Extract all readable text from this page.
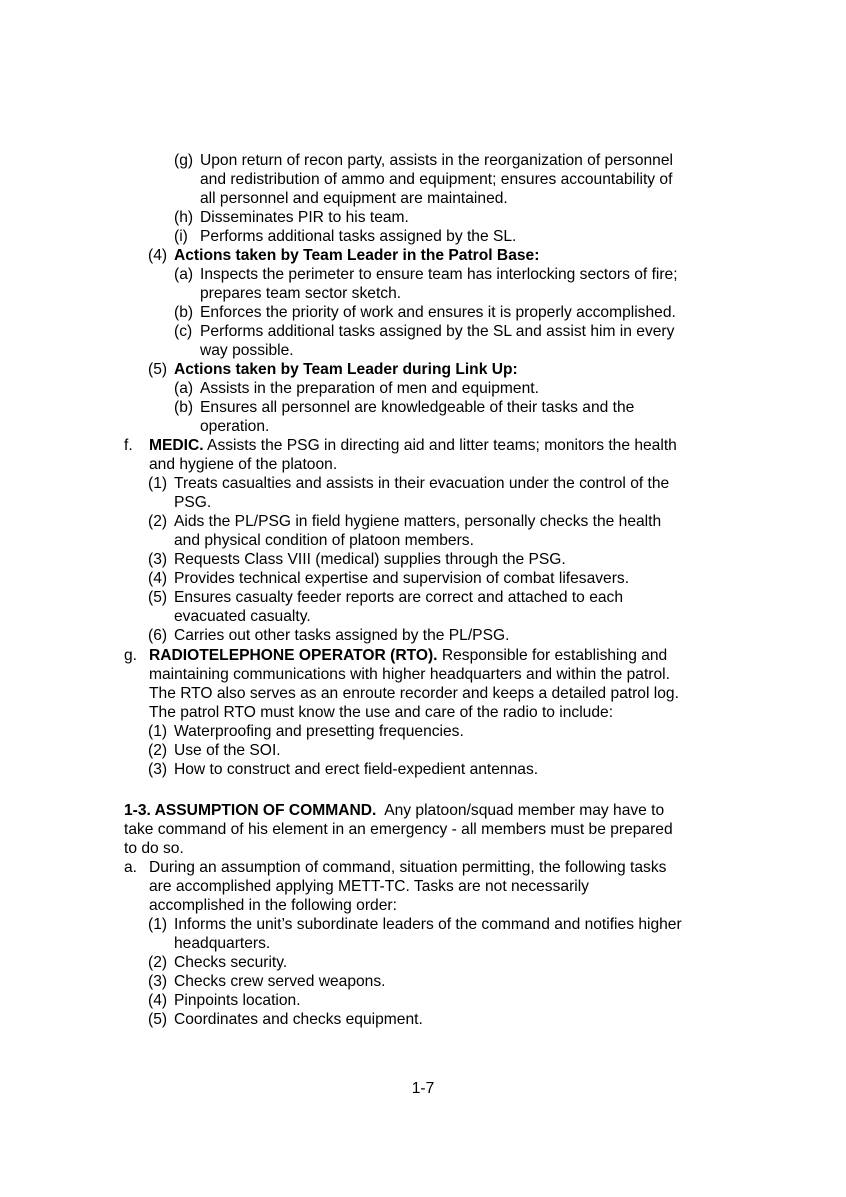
(g) Upon return of recon party, assists in the reorganization of personnel
and redistribution of ammo and equipment; ensures accountability of
all personnel and equipment are maintained.
(h) Disseminates PIR to his team.
(i) Performs additional tasks assigned by the SL.
(4) Actions taken by Team Leader in the Patrol Base:
(a) Inspects the perimeter to ensure team has interlocking sectors of fire;
prepares team sector sketch.
(b) Enforces the priority of work and ensures it is properly accomplished.
(c) Performs additional tasks assigned by the SL and assist him in every
way possible.
(5) Actions taken by Team Leader during Link Up:
(a) Assists in the preparation of men and equipment.
(b) Ensures all personnel are knowledgeable of their tasks and the
operation.
f. MEDIC. Assists the PSG in directing aid and litter teams; monitors the health
and hygiene of the platoon.
(1) Treats casualties and assists in their evacuation under the control of the
PSG.
(2) Aids the PL/PSG in field hygiene matters, personally checks the health
and physical condition of platoon members.
(3) Requests Class VIII (medical) supplies through the PSG.
(4) Provides technical expertise and supervision of combat lifesavers.
(5) Ensures casualty feeder reports are correct and attached to each
evacuated casualty.
(6) Carries out other tasks assigned by the PL/PSG.
g. RADIOTELEPHONE OPERATOR (RTO). Responsible for establishing and
maintaining communications with higher headquarters and within the patrol.
The RTO also serves as an enroute recorder and keeps a detailed patrol log.
The patrol RTO must know the use and care of the radio to include:
(1) Waterproofing and presetting frequencies.
(2) Use of the SOI.
(3) How to construct and erect field-expedient antennas.
1-3. ASSUMPTION OF COMMAND.  Any platoon/squad member may have to
take command of his element in an emergency - all members must be prepared
to do so.
a. During an assumption of command, situation permitting, the following tasks
are accomplished applying METT-TC. Tasks are not necessarily
accomplished in the following order:
(1) Informs the unit’s subordinate leaders of the command and notifies higher
headquarters.
(2) Checks security.
(3) Checks crew served weapons.
(4) Pinpoints location.
(5) Coordinates and checks equipment.
1-7
